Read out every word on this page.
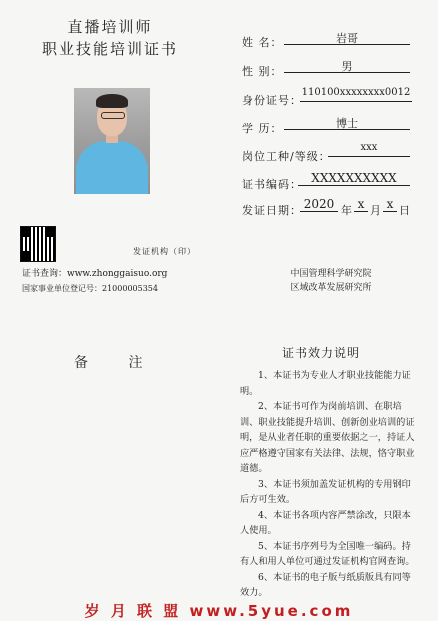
直播培训师
职业技能培训证书	姓 名：	岩哥
性 别：	男
身份证号：
110100xxxxxxxx0012
学 历：	博士
岗位工种/等级：
xxx
证书编码： XXXXXXXXXX
发证日期： 2020 年 x 月 x 日
发证机构（印）
证书查询：www.zhonggaisuo.org
国家事业单位登记号：21000005354
中国管理科学研究院
区域改革发展研究所
备 注
证书效力说明

1、本证书为专业人才职业技能能力证明。

2、本证书可作为岗前培训、在职培训、职业技能提升培训、创新创业培训的证明，是从业者任职的重要依据之一，持证人应严格遵守国家有关法律、法规，恪守职业道德。

3、本证书须加盖发证机构的专用钢印后方可生效。

4、本证书各项内容严禁涂改，只限本人使用。

5、本证书序列号为全国唯一编码。持有人和用人单位可通过发证机构官网查询。

6、本证书的电子版与纸质版具有同等效力。

岁 月 联 盟 www.5yue.com
